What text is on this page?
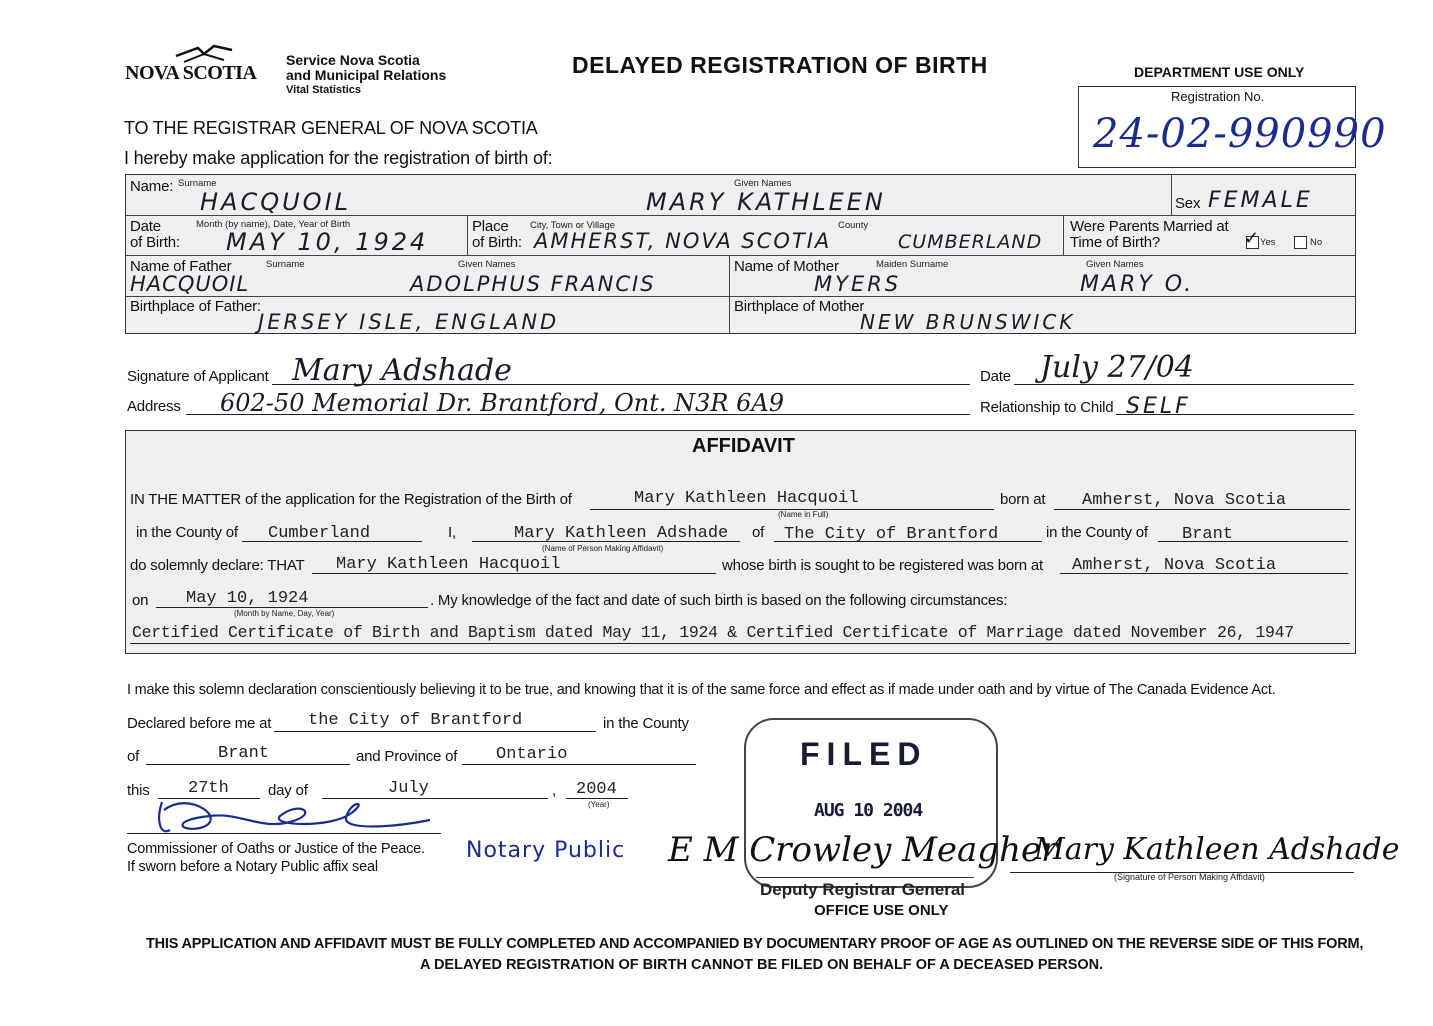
NOVA SCOTIA
Service Nova Scotia
and Municipal Relations
Vital Statistics
DELAYED REGISTRATION OF BIRTH	DEPARTMENT USE ONLY
Registration No.
24-02-990990
TO THE REGISTRAR GENERAL OF NOVA SCOTIA
I hereby make application for the registration of birth of:
Name: Surname	Given Names
HACQUOIL	MARY KATHLEEN	Sex FEMALE
Date
of Birth:
Month (by name), Date, Year of Birth
MAY 10, 1924
Place
of Birth:
City, Town or Village	County
AMHERST, NOVA SCOTIA	CUMBERLAND
Were Parents Married at
Time of Birth?	✓ Yes	No
Name of Father	Surname	Given Names
HACQUOIL	ADOLPHUS FRANCIS
Birthplace of Father:
JERSEY ISLE, ENGLAND
Name of Mother	Maiden Surname	Given Names
MYERS	MARY O.
Birthplace of Mother
NEW BRUNSWICK
Signature of Applicant Mary Adshade	Date July 27/04
Address 602-50 Memorial Dr. Brantford, Ont. N3R 6A9	Relationship to Child SELF
AFFIDAVIT
IN THE MATTER of the application for the Registration of the Birth of	Mary Kathleen Hacquoil
(Name in Full)
born at Amherst, Nova Scotia
in the County of Cumberland	I,	Mary Kathleen Adshade
(Name of Person Making Affidavit)
of The City of Brantford	in the County of Brant
do solemnly declare: THAT Mary Kathleen Hacquoil	whose birth is sought to be registered was born at Amherst, Nova Scotia
on May 10, 1924
(Month by Name, Day, Year)
. My knowledge of the fact and date of such birth is based on the following circumstances:
Certified Certificate of Birth and Baptism dated May 11, 1924 & Certified Certificate of Marriage dated November 26, 1947
I make this solemn declaration conscientiously believing it to be true, and knowing that it is of the same force and effect as if made under oath and by virtue of The Canada Evidence Act.
Declared before me at the City of Brantford	in the County
of	Brant	and Province of Ontario
this 27th	day of	July	, 2004
(Year)
Commissioner of Oaths or Justice of the Peace.
If sworn before a Notary Public affix seal
Notary Public
FILED
AUG 10 2004
Deputy Registrar General
OFFICE USE ONLY
E M Crowley Meagher
Mary Kathleen Adshade
(Signature of Person Making Affidavit)
THIS APPLICATION AND AFFIDAVIT MUST BE FULLY COMPLETED AND ACCOMPANIED BY DOCUMENTARY PROOF OF AGE AS OUTLINED ON THE REVERSE SIDE OF THIS FORM,
A DELAYED REGISTRATION OF BIRTH CANNOT BE FILED ON BEHALF OF A DECEASED PERSON.
